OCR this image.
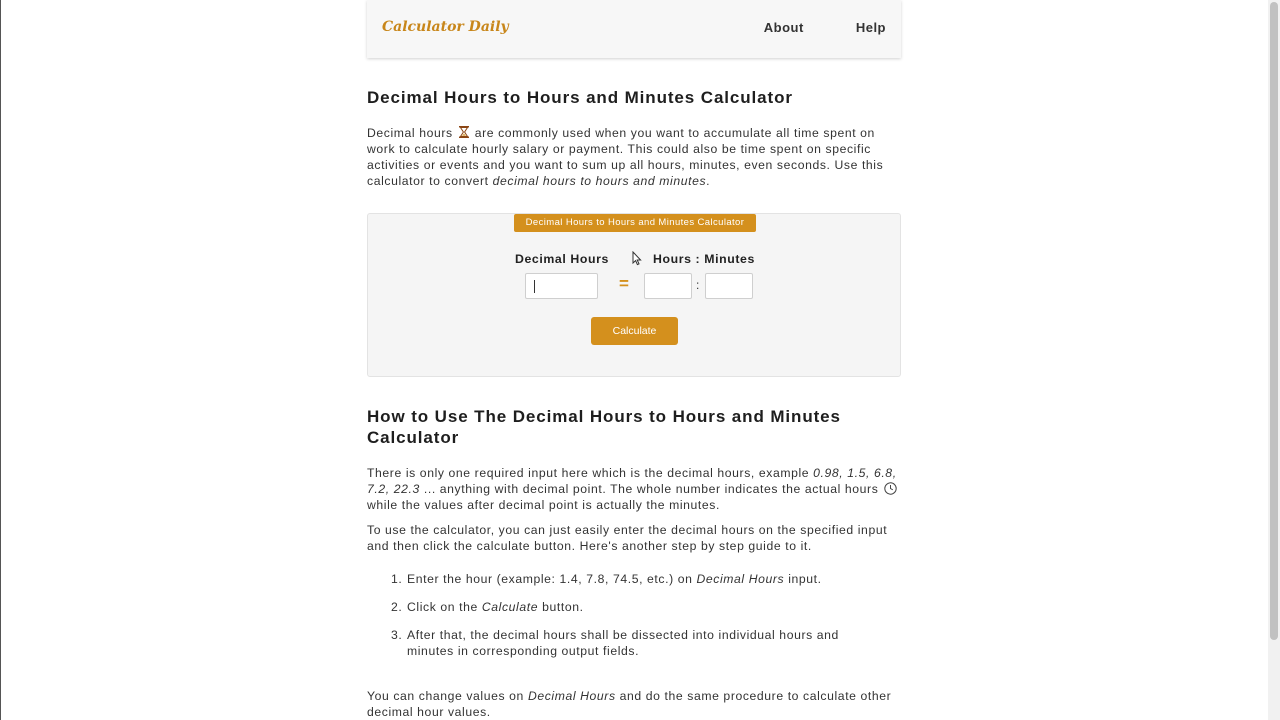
Calculator Daily	About	Help
Decimal Hours to Hours and Minutes Calculator

Decimal hours are commonly used when you want to accumulate all time spent on work to calculate hourly salary or payment. This could also be time spent on specific activities or events and you want to sum up all hours, minutes, even seconds. Use this calculator to convert decimal hours to hours and minutes.

Decimal Hours to Hours and Minutes Calculator
Decimal Hours	Hours : Minutes
=	:
Calculate
How to Use The Decimal Hours to Hours and Minutes Calculator

There is only one required input here which is the decimal hours, example 0.98, 1.5, 6.8, 7.2, 22.3 ... anything with decimal point. The whole number indicates the actual hours  while the values after decimal point is actually the minutes.

To use the calculator, you can just easily enter the decimal hours on the specified input and then click the calculate button. Here's another step by step guide to it.

1. Enter the hour (example: 1.4, 7.8, 74.5, etc.) on Decimal Hours input.
2. Click on the Calculate button.
3. After that, the decimal hours shall be dissected into individual hours and minutes in corresponding output fields.

You can change values on Decimal Hours and do the same procedure to calculate other decimal hour values.
